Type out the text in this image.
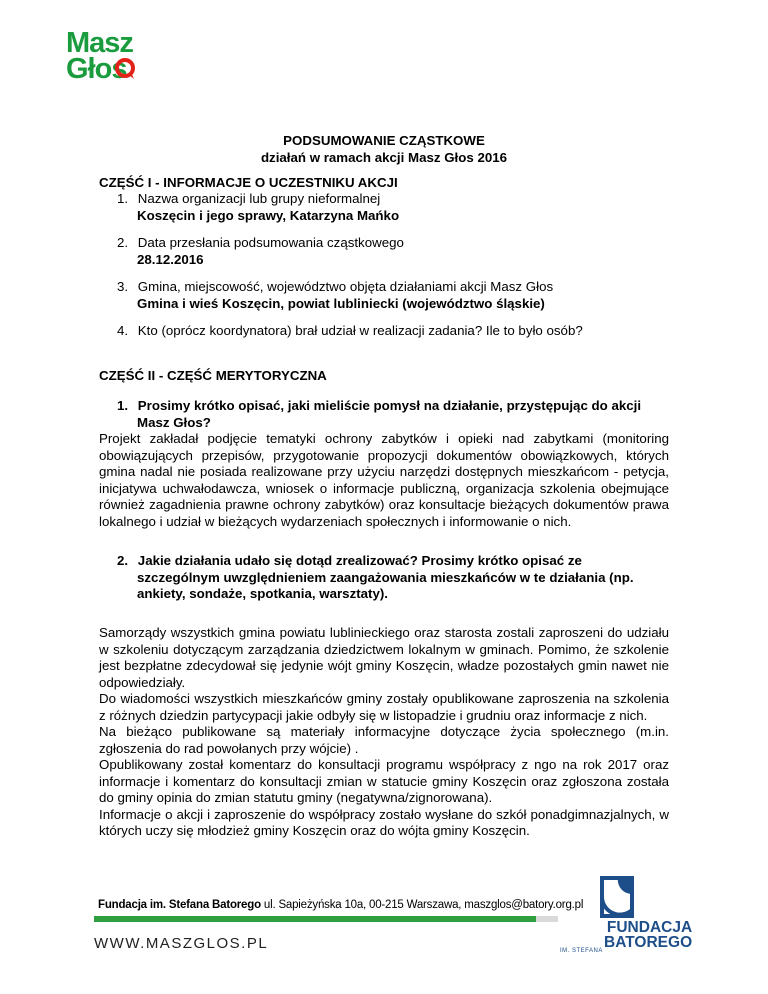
Masz
Głos
PODSUMOWANIE CZĄSTKOWE
działań w ramach akcji Masz Głos 2016
CZĘŚĆ I - INFORMACJE O UCZESTNIKU AKCJI
1. Nazwa organizacji lub grupy nieformalnej
Koszęcin i jego sprawy, Katarzyna Mańko
2. Data przesłania podsumowania cząstkowego
28.12.2016
3. Gmina, miejscowość, województwo objęta działaniami akcji Masz Głos
Gmina i wieś Koszęcin, powiat lubliniecki (województwo śląskie)
4. Kto (oprócz koordynatora) brał udział w realizacji zadania? Ile to było osób?
CZĘŚĆ II - CZĘŚĆ MERYTORYCZNA
1. Prosimy krótko opisać, jaki mieliście pomysł na działanie, przystępując do akcji
Masz Głos?

Projekt zakładał podjęcie tematyki ochrony zabytków i opieki nad zabytkami (monitoring obowiązujących przepisów, przygotowanie propozycji dokumentów obowiązkowych, których gmina nadal nie posiada realizowane przy użyciu narzędzi dostępnych mieszkańcom - petycja, inicjatywa uchwałodawcza, wniosek o informacje publiczną, organizacja szkolenia obejmujące również zagadnienia prawne ochrony zabytków) oraz konsultacje bieżących dokumentów prawa lokalnego i udział w bieżących wydarzeniach społecznych i informowanie o nich.

2. Jakie działania udało się dotąd zrealizować? Prosimy krótko opisać ze
szczególnym uwzględnieniem zaangażowania mieszkańców w te działania (np.
ankiety, sondaże, spotkania, warsztaty).

Samorządy wszystkich gmina powiatu lublinieckiego oraz starosta zostali zaproszeni do udziału w szkoleniu dotyczącym zarządzania dziedzictwem lokalnym w gminach. Pomimo, że szkolenie jest bezpłatne zdecydował się jedynie wójt gminy Koszęcin, władze pozostałych gmin nawet nie odpowiedziały.

Do wiadomości wszystkich mieszkańców gminy zostały opublikowane zaproszenia na szkolenia z różnych dziedzin partycypacji jakie odbyły się w listopadzie i grudniu oraz informacje z nich.

Na bieżąco publikowane są materiały informacyjne dotyczące życia społecznego (m.in. zgłoszenia do rad powołanych przy wójcie) .

Opublikowany został komentarz do konsultacji programu współpracy z ngo na rok 2017 oraz informacje i komentarz do konsultacji zmian w statucie gminy Koszęcin oraz zgłoszona została do gminy opinia do zmian statutu gminy (negatywna/zignorowana).

Informacje o akcji i zaproszenie do współpracy zostało wysłane do szkół ponadgimnazjalnych, w których uczy się młodzież gminy Koszęcin oraz do wójta gminy Koszęcin.

Fundacja im. Stefana Batorego ul. Sapieżyńska 10a, 00-215 Warszawa, maszglos@batory.org.pl
WWW.MASZGLOS.PL
FUNDACJA
BATOREGO
IM. STEFANA
